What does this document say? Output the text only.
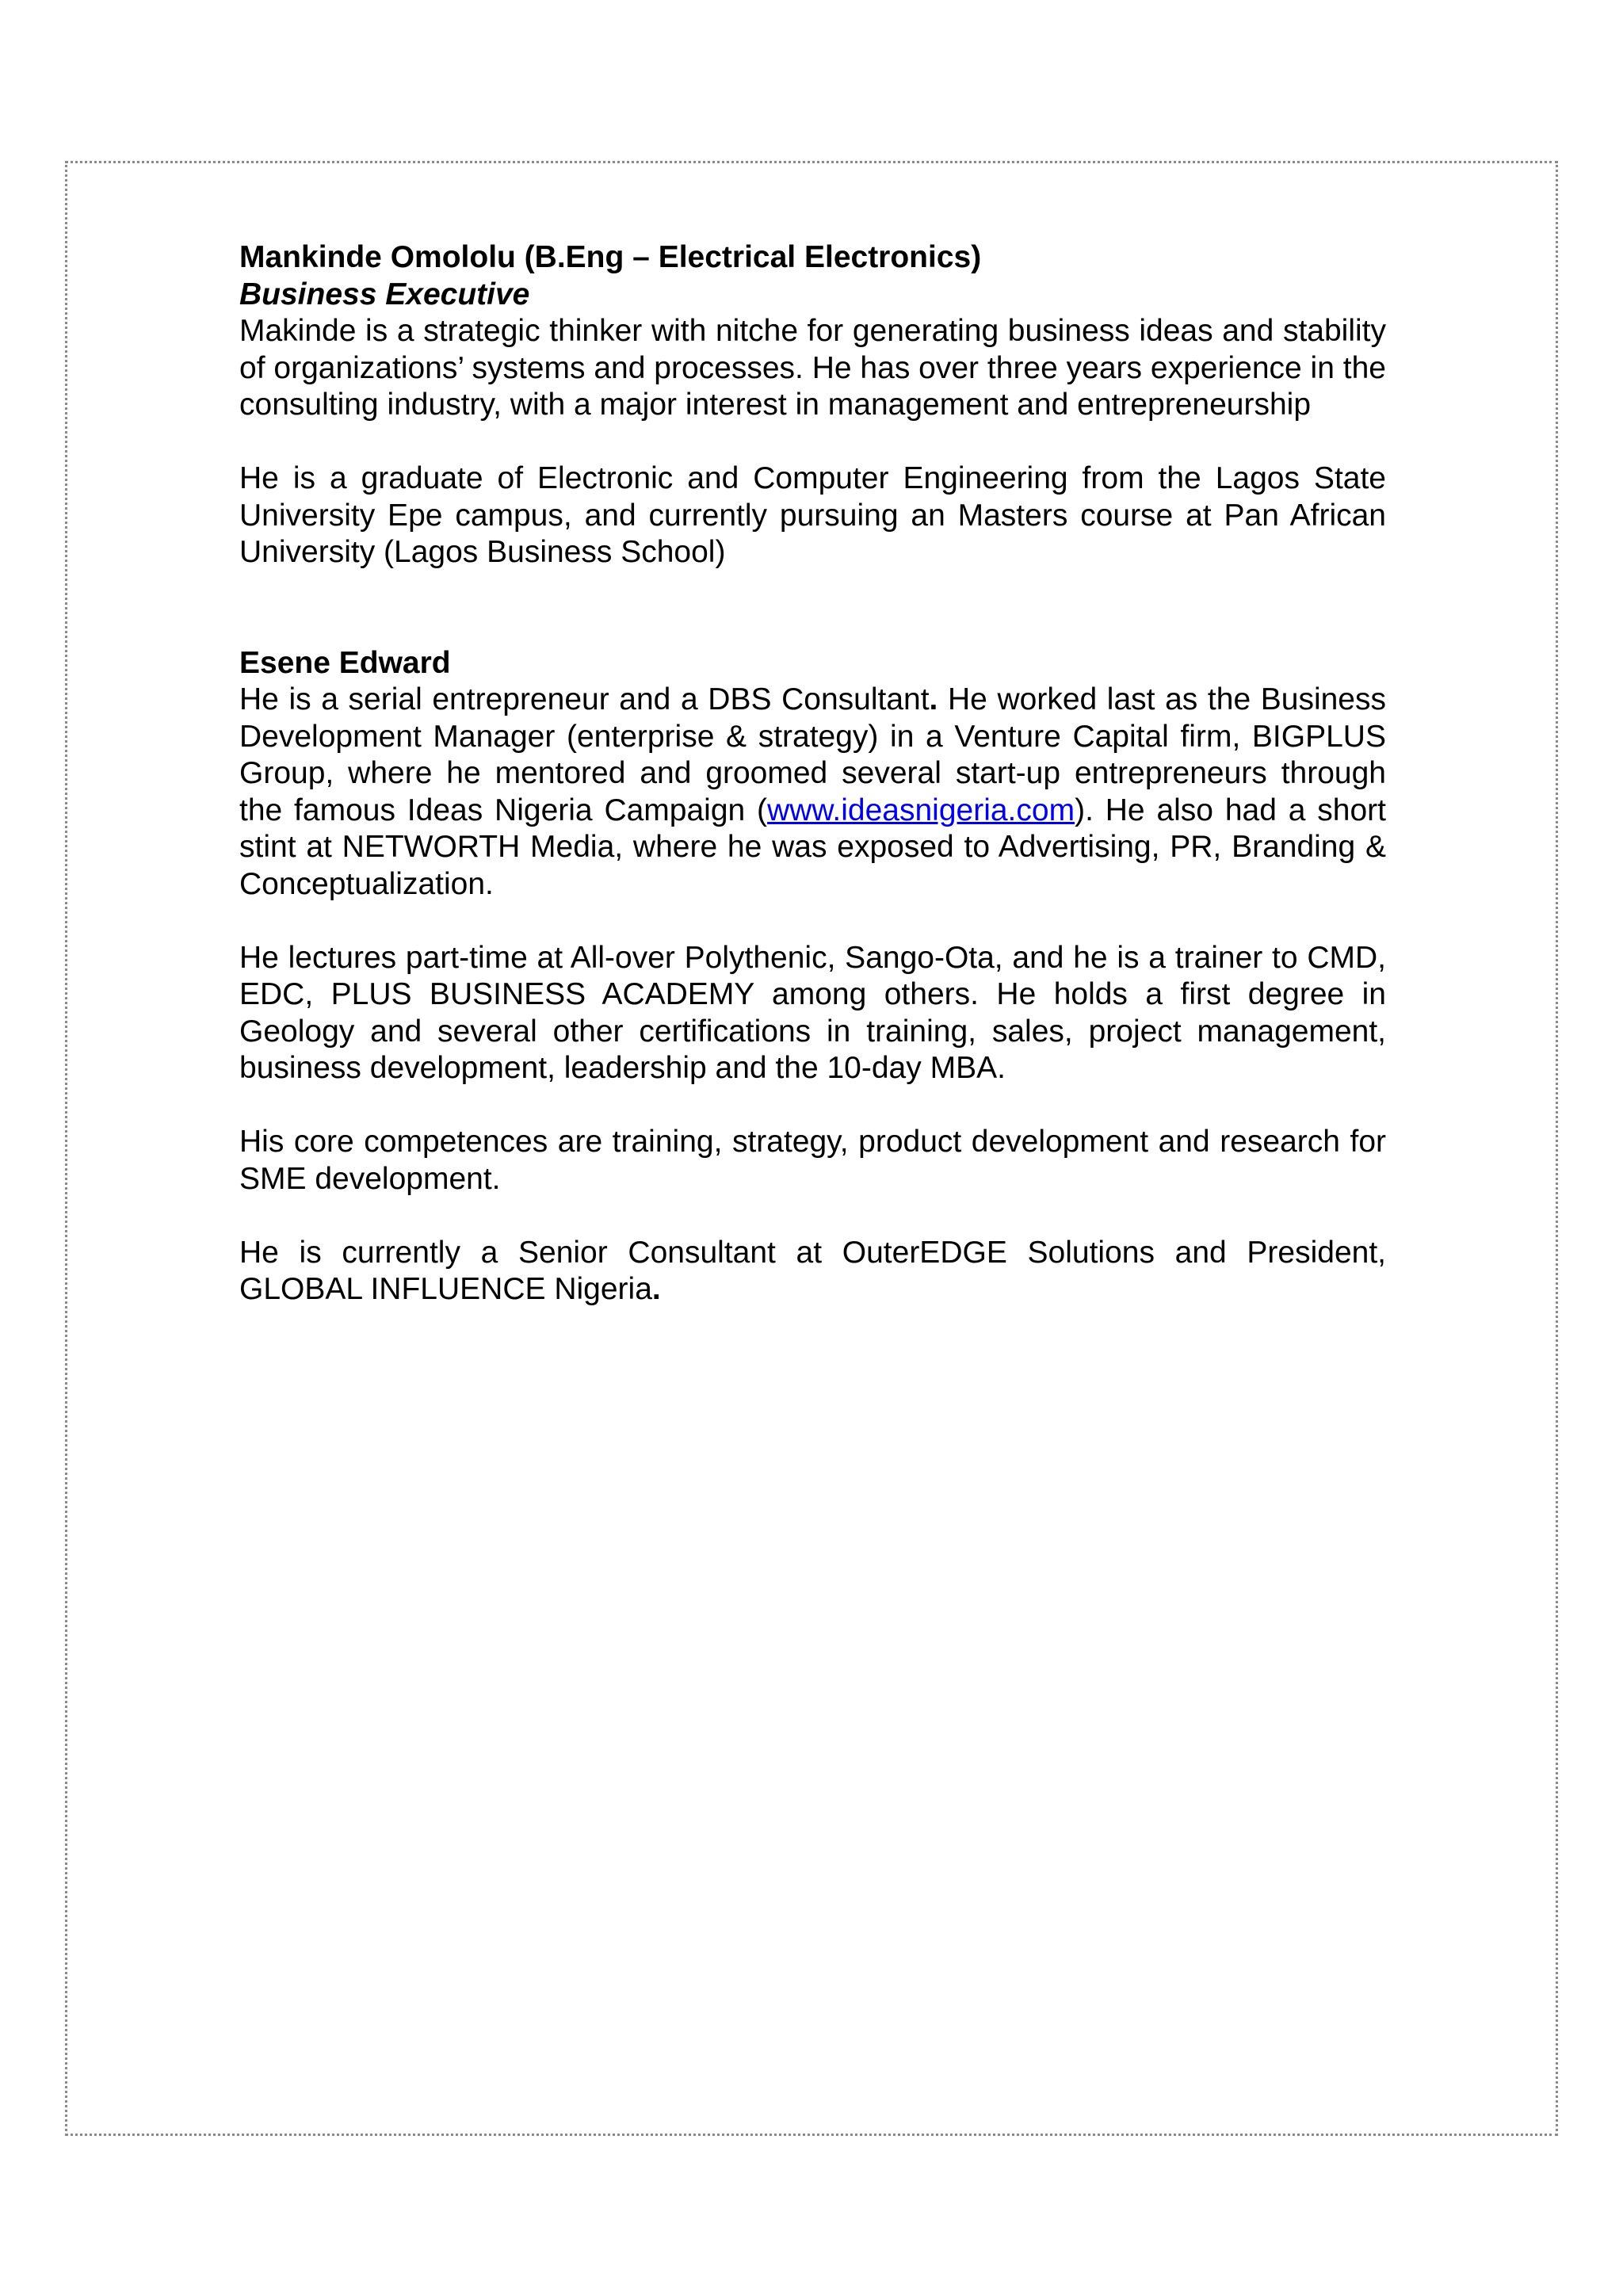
Mankinde Omololu (B.Eng – Electrical Electronics)
Business Executive

Makinde is a strategic thinker with nitche for generating business ideas and stability of organizations’ systems and processes. He has over three years experience in the consulting industry, with a major interest in management and entrepreneurship

He is a graduate of Electronic and Computer Engineering from the Lagos State University Epe campus, and currently pursuing an Masters course at Pan African University (Lagos Business School)

Esene Edward

He is a serial entrepreneur and a DBS Consultant. He worked last as the Business Development Manager (enterprise & strategy) in a Venture Capital firm, BIGPLUS Group, where he mentored and groomed several start-up entrepreneurs through the famous Ideas Nigeria Campaign (www.ideasnigeria.com). He also had a short stint at NETWORTH Media, where he was exposed to Advertising, PR, Branding & Conceptualization.

He lectures part-time at All-over Polythenic, Sango-Ota, and he is a trainer to CMD, EDC, PLUS BUSINESS ACADEMY among others. He holds a first degree in Geology and several other certifications in training, sales, project management, business development, leadership and the 10-day MBA.

His core competences are training, strategy, product development and research for SME development.

He is currently a Senior Consultant at OuterEDGE Solutions and President, GLOBAL INFLUENCE Nigeria.
